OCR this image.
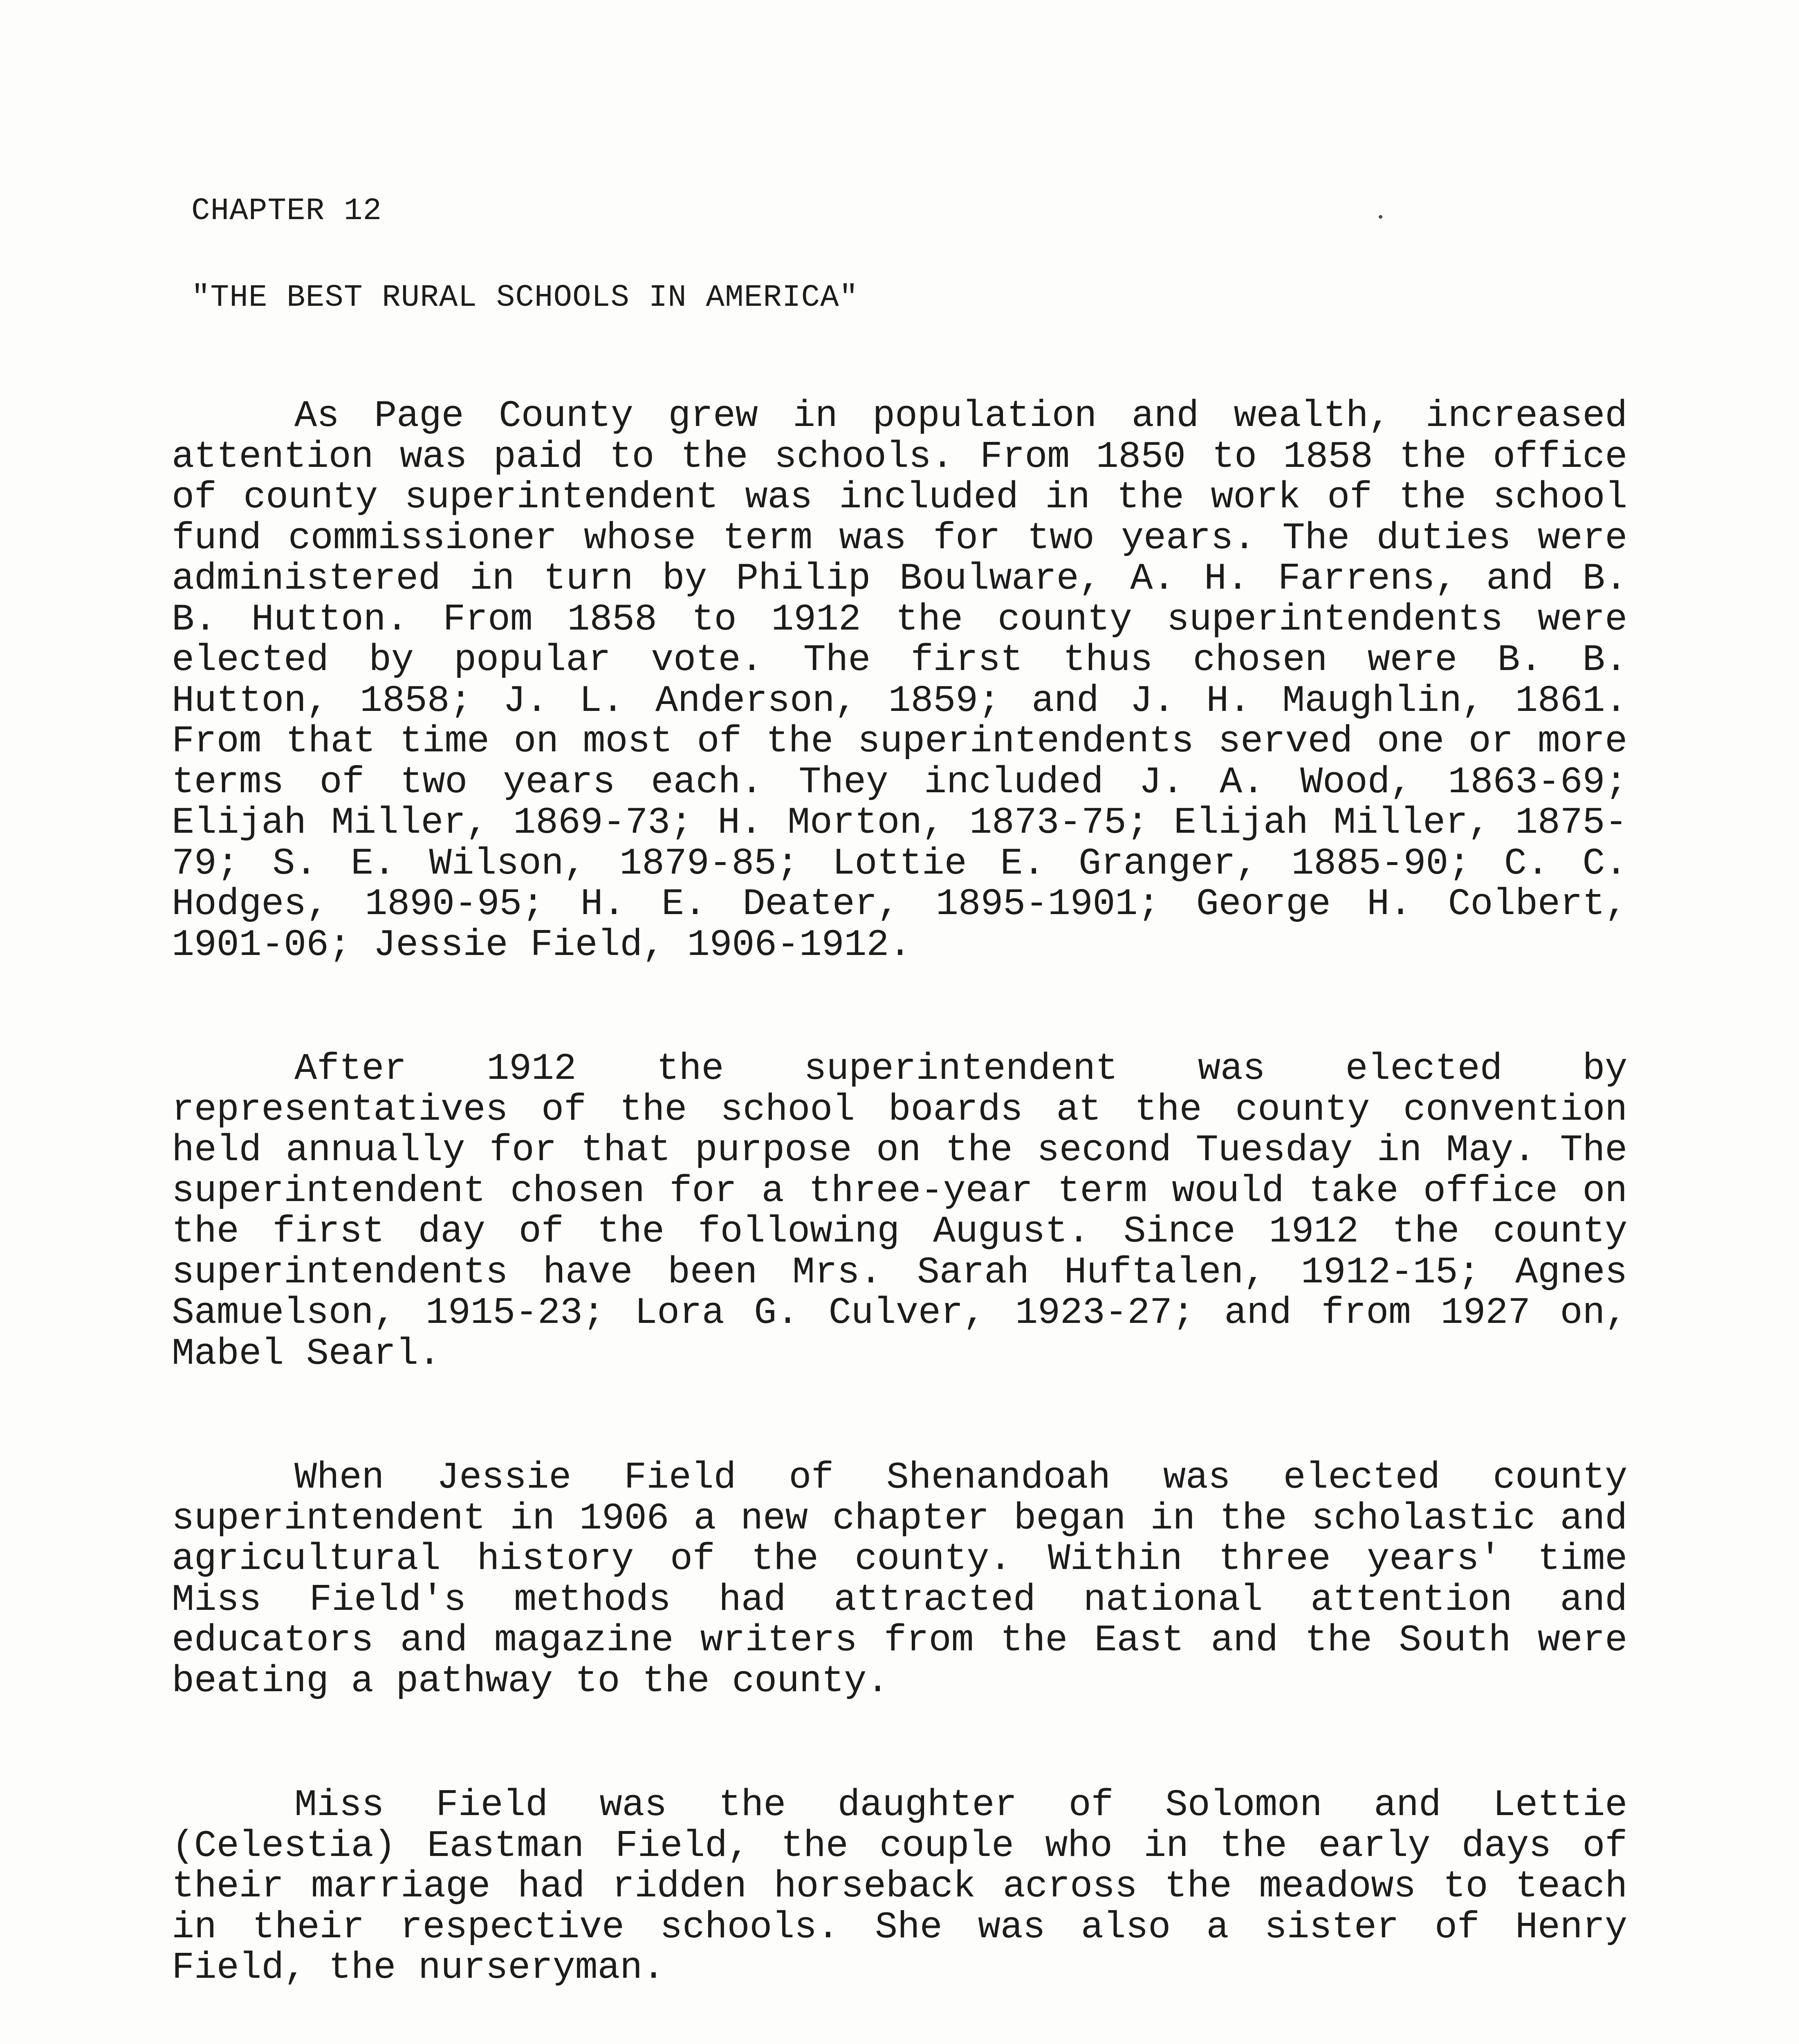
CHAPTER 12
"THE BEST RURAL SCHOOLS IN AMERICA"

As Page County grew in population and wealth, increased attention was paid to the schools. From 1850 to 1858 the office of county superintendent was included in the work of the school fund commissioner whose term was for two years. The duties were administered in turn by Philip Boulware, A. H. Farrens, and B. B. Hutton. From 1858 to 1912 the county superintendents were elected by popular vote. The first thus chosen were B. B. Hutton, 1858; J. L. Anderson, 1859; and J. H. Maughlin, 1861. From that time on most of the superintendents served one or more terms of two years each. They included J. A. Wood, 1863-69; Elijah Miller, 1869-73; H. Morton, 1873-75; Elijah Miller, 1875-79; S. E. Wilson, 1879-85; Lottie E. Granger, 1885-90; C. C. Hodges, 1890-95; H. E. Deater, 1895-1901; George H. Colbert, 1901-06; Jessie Field, 1906-1912.

After 1912 the superintendent was elected by representatives of the school boards at the county convention held annually for that purpose on the second Tuesday in May. The superintendent chosen for a three-year term would take office on the first day of the following August. Since 1912 the county superintendents have been Mrs. Sarah Huftalen, 1912-15; Agnes Samuelson, 1915-23; Lora G. Culver, 1923-27; and from 1927 on, Mabel Searl.

When Jessie Field of Shenandoah was elected county superintendent in 1906 a new chapter began in the scholastic and agricultural history of the county. Within three years' time Miss Field's methods had attracted national attention and educators and magazine writers from the East and the South were beating a pathway to the county.

Miss Field was the daughter of Solomon and Lettie (Celestia) Eastman Field, the couple who in the early days of their marriage had ridden horseback across the meadows to teach in their respective schools. She was also a sister of Henry Field, the nurseryman.
